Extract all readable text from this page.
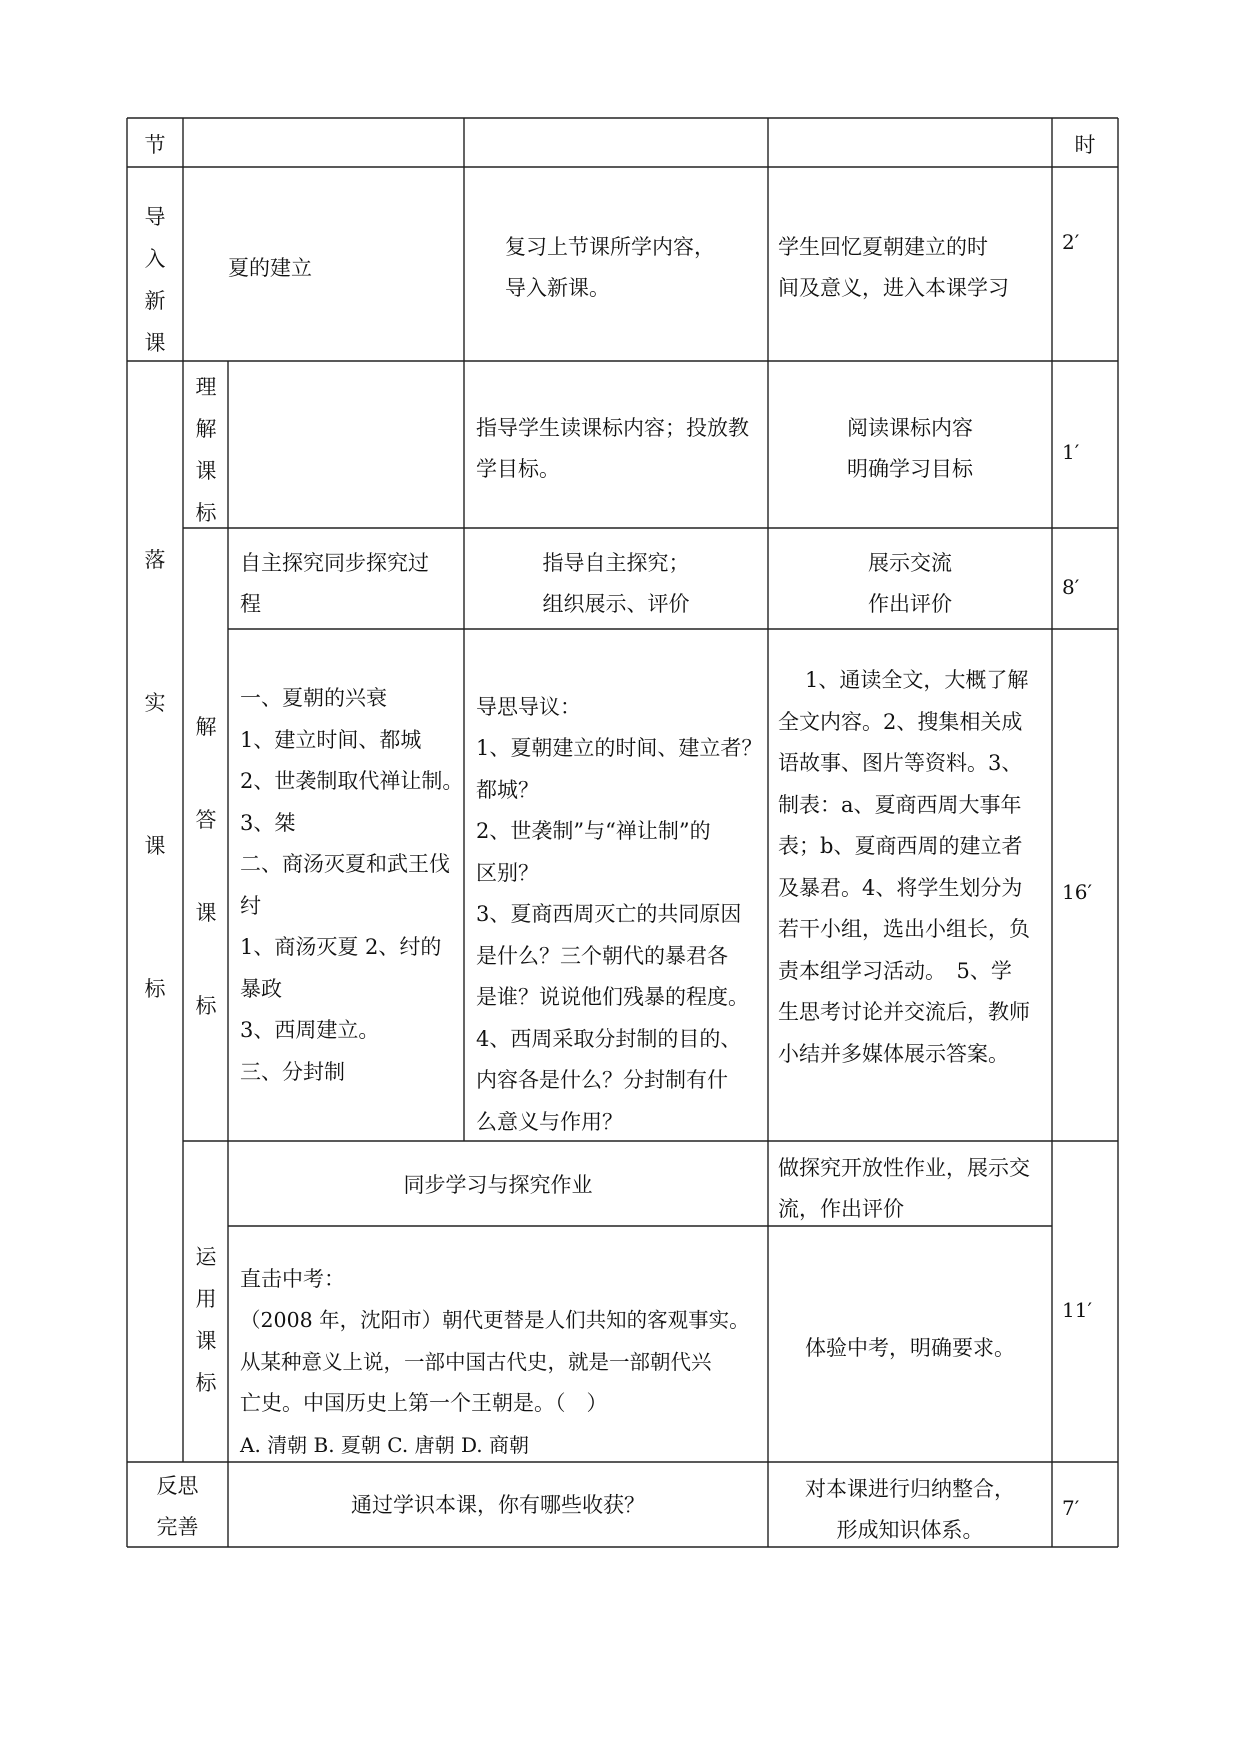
节	时
导
入
新
课
夏的建立
复习上节课所学内容，
导入新课。
学生回忆夏朝建立的时
间及意义，进入本课学习
2′
落
实
课
标
理
解
课
标
指导学生读课标内容；投放教
学目标。
阅读课标内容
明确学习目标
1′
自主探究同步探究过
程
指导自主探究；
组织展示、评价
展示交流
作出评价
8′
解
答
课
标
一、夏朝的兴衰
1、建立时间、都城
2、世袭制取代禅让制。
3、桀
二、商汤灭夏和武王伐
纣
1、商汤灭夏 2、纣的
暴政
3、西周建立。
三、分封制
导思导议：
1、夏朝建立的时间、建立者？
都城？
2、世袭制”与“禅让制”的
区别？
3、夏商西周灭亡的共同原因
是什么？三个朝代的暴君各
是谁？说说他们残暴的程度。
4、西周采取分封制的目的、
内容各是什么？分封制有什
么意义与作用？
1、通读全文，大概了解
全文内容。2、搜集相关成
语故事、图片等资料。3、
制表：a、夏商西周大事年
表；b、夏商西周的建立者
及暴君。4、将学生划分为
若干小组，选出小组长，负
责本组学习活动。　5、学
生思考讨论并交流后，教师
小结并多媒体展示答案。
16′
运
用
课
标
同步学习与探究作业
做探究开放性作业，展示交
流，作出评价
直击中考：
（2008 年，沈阳市）朝代更替是人们共知的客观事实。
从某种意义上说，一部中国古代史，就是一部朝代兴
亡史。中国历史上第一个王朝是。（　）
A. 清朝 B. 夏朝 C. 唐朝 D. 商朝
体验中考，明确要求。
11′
反思
完善
通过学识本课，你有哪些收获？
对本课进行归纳整合，
形成知识体系。
7′
